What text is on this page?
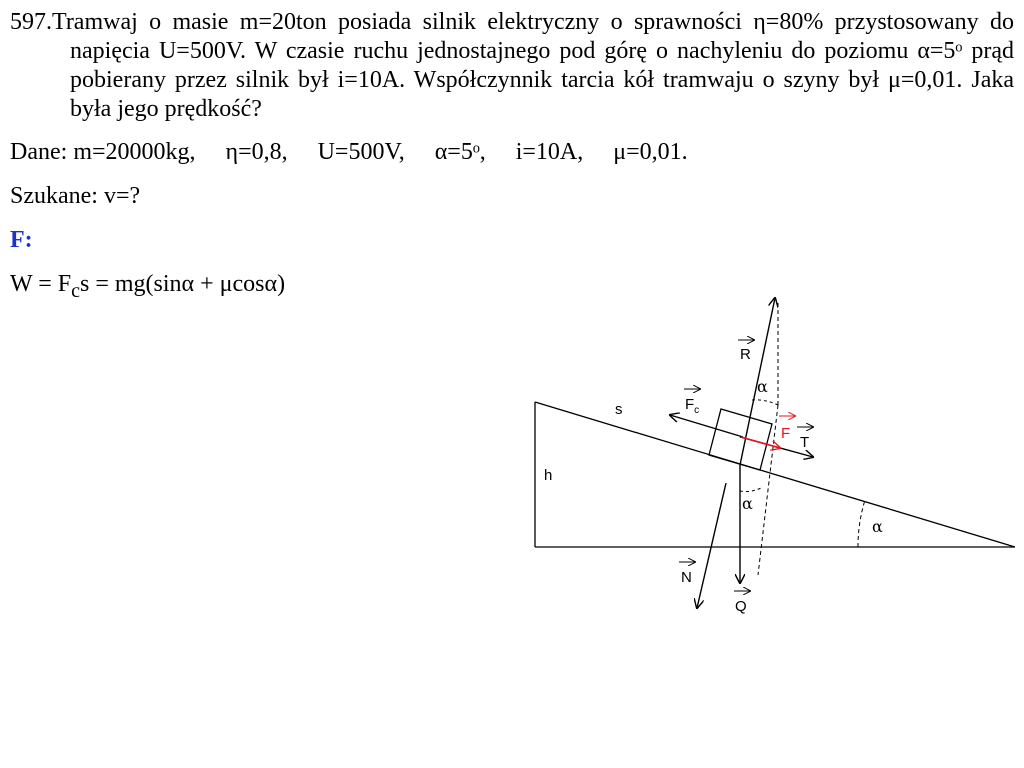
597.Tramwaj o masie m=20ton posiada silnik elektryczny o sprawności η=80% przystosowany do napięcia U=500V. W czasie ruchu jednostajnego pod górę o nachyleniu do poziomu α=5ᵒ prąd pobierany przez silnik był i=10A. Współczynnik tarcia kół tramwaju o szyny był μ=0,01. Jaka była jego prędkość?

Dane: m=20000kg,     η=0,8,     U=500V,     α=5ᵒ,     i=10A,     μ=0,01.

Szukane: v=?

F:

$W = F_cs = mg(\sin\alpha + \mu\cos\alpha)$

R
$F_c$
F
T
N
Q
s
h
α
α
α
